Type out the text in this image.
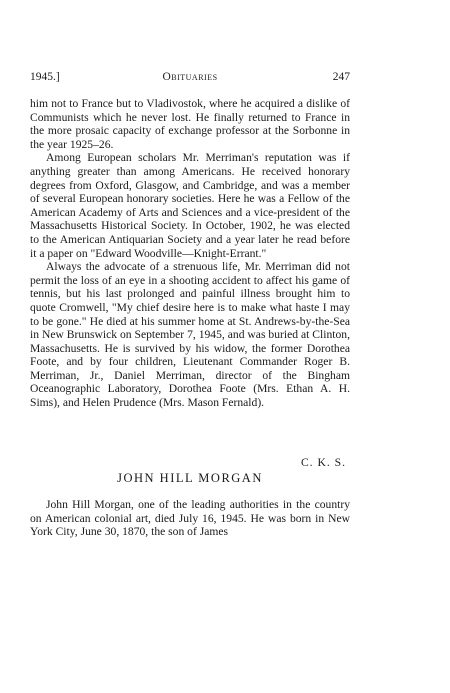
1945.]	Obituaries	247

him not to France but to Vladivostok, where he acquired a dislike of Communists which he never lost. He finally returned to France in the more prosaic capacity of exchange professor at the Sorbonne in the year 1925–26.

Among European scholars Mr. Merriman's reputation was if anything greater than among Americans. He received honorary degrees from Oxford, Glasgow, and Cambridge, and was a member of several European honorary societies. Here he was a Fellow of the American Academy of Arts and Sciences and a vice-president of the Massachusetts Historical Society. In October, 1902, he was elected to the American Antiquarian Society and a year later he read before it a paper on "Edward Woodville—Knight-Errant."

Always the advocate of a strenuous life, Mr. Merriman did not permit the loss of an eye in a shooting accident to affect his game of tennis, but his last prolonged and painful illness brought him to quote Cromwell, "My chief desire here is to make what haste I may to be gone." He died at his summer home at St. Andrews-by-the-Sea in New Brunswick on September 7, 1945, and was buried at Clinton, Massachusetts. He is survived by his widow, the former Dorothea Foote, and by four children, Lieutenant Commander Roger B. Merriman, Jr., Daniel Merriman, director of the Bingham Oceanographic Laboratory, Dorothea Foote (Mrs. Ethan A. H. Sims), and Helen Prudence (Mrs. Mason Fernald).

C. K. S.
JOHN HILL MORGAN

John Hill Morgan, one of the leading authorities in the country on American colonial art, died July 16, 1945. He was born in New York City, June 30, 1870, the son of James
